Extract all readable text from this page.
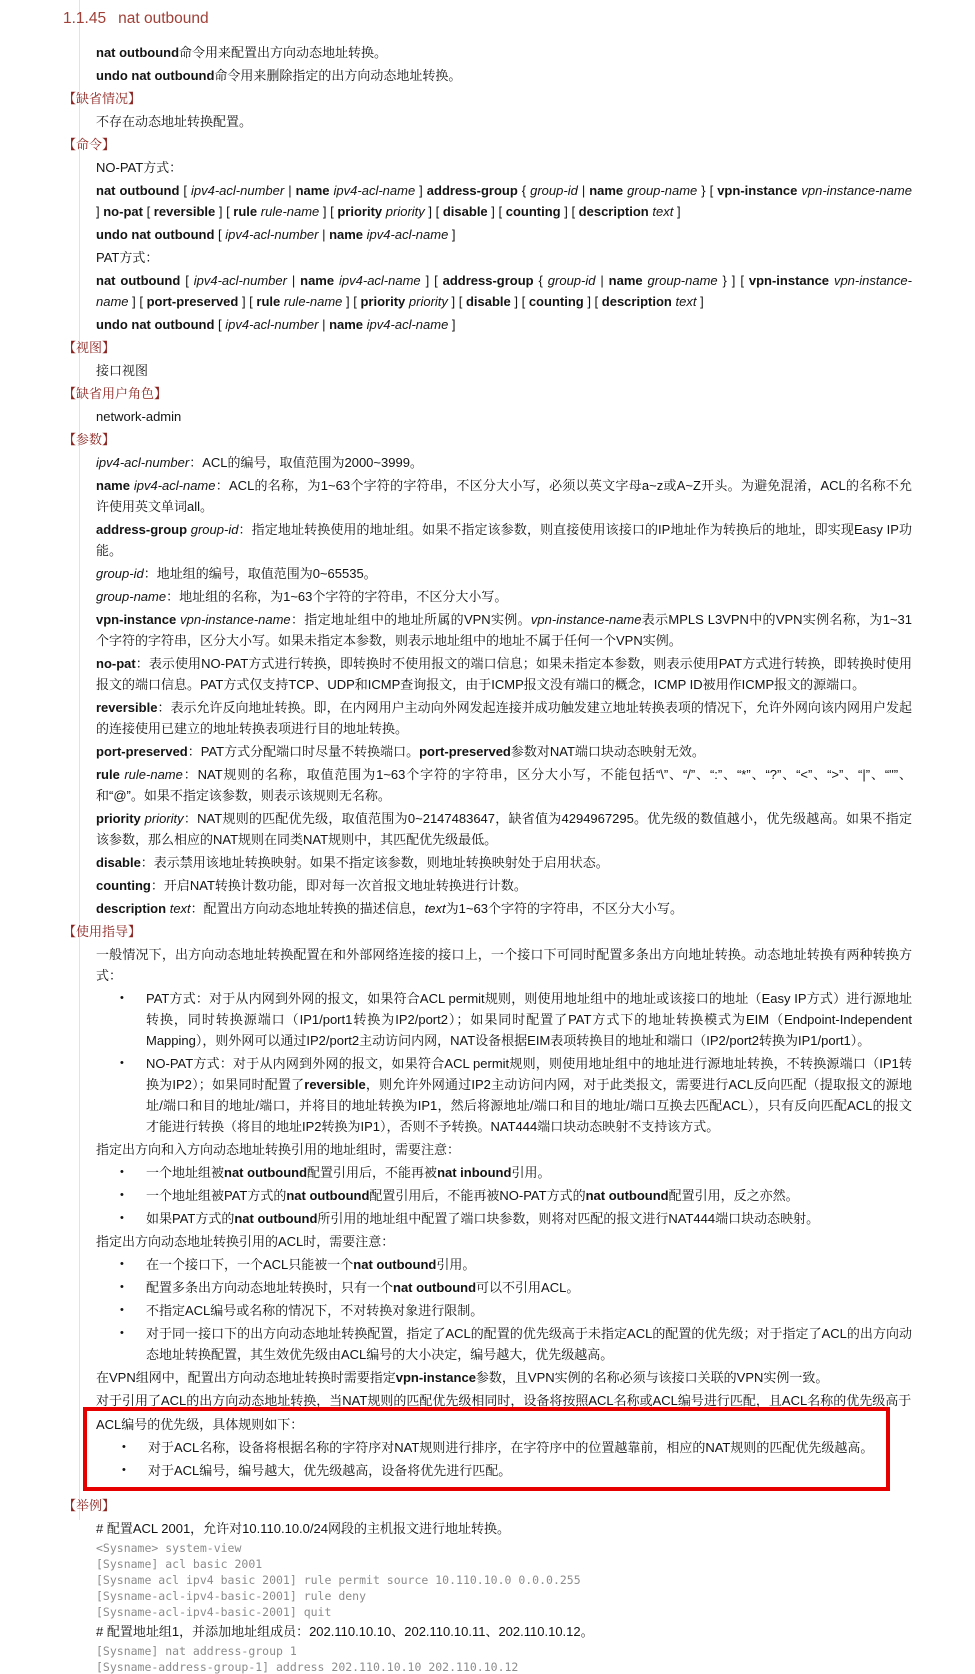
1.1.45 nat outbound
nat outbound命令用来配置出方向动态地址转换。
undo nat outbound命令用来删除指定的出方向动态地址转换。
【缺省情况】
不存在动态地址转换配置。
【命令】
NO-PAT方式：
nat outbound [ ipv4-acl-number | name ipv4-acl-name ] address-group { group-id | name group-name } [ vpn-instance vpn-instance-name ] no-pat [ reversible ] [ rule rule-name ] [ priority priority ] [ disable ] [ counting ] [ description text ]
undo nat outbound [ ipv4-acl-number | name ipv4-acl-name ]
PAT方式：
nat outbound [ ipv4-acl-number | name ipv4-acl-name ] [ address-group { group-id | name group-name } ] [ vpn-instance vpn-instance-name ] [ port-preserved ] [ rule rule-name ] [ priority priority ] [ disable ] [ counting ] [ description text ]
undo nat outbound [ ipv4-acl-number | name ipv4-acl-name ]
【视图】
接口视图
【缺省用户角色】
network-admin
【参数】
ipv4-acl-number：ACL的编号，取值范围为2000~3999。
name ipv4-acl-name：ACL的名称，为1~63个字符的字符串，不区分大小写，必须以英文字母a~z或A~Z开头。为避免混淆，ACL的名称不允许使用英文单词all。
address-group group-id：指定地址转换使用的地址组。如果不指定该参数，则直接使用该接口的IP地址作为转换后的地址，即实现Easy IP功能。
group-id：地址组的编号，取值范围为0~65535。
group-name：地址组的名称，为1~63个字符的字符串，不区分大小写。
vpn-instance vpn-instance-name：指定地址组中的地址所属的VPN实例。vpn-instance-name表示MPLS L3VPN中的VPN实例名称，为1~31个字符的字符串，区分大小写。如果未指定本参数，则表示地址组中的地址不属于任何一个VPN实例。
no-pat：表示使用NO-PAT方式进行转换，即转换时不使用报文的端口信息；如果未指定本参数，则表示使用PAT方式进行转换，即转换时使用报文的端口信息。PAT方式仅支持TCP、UDP和ICMP查询报文，由于ICMP报文没有端口的概念，ICMP ID被用作ICMP报文的源端口。
reversible：表示允许反向地址转换。即，在内网用户主动向外网发起连接并成功触发建立地址转换表项的情况下，允许外网向该内网用户发起的连接使用已建立的地址转换表项进行目的地址转换。
port-preserved：PAT方式分配端口时尽量不转换端口。port-preserved参数对NAT端口块动态映射无效。
rule rule-name：NAT规则的名称，取值范围为1~63个字符的字符串，区分大小写，不能包括“\”、“/”、“:”、“*”、“?”、“<”、“>”、“|”、“"”、和“@”。如果不指定该参数，则表示该规则无名称。
priority priority：NAT规则的匹配优先级，取值范围为0~2147483647，缺省值为4294967295。优先级的数值越小，优先级越高。如果不指定该参数，那么相应的NAT规则在同类NAT规则中，其匹配优先级最低。
disable：表示禁用该地址转换映射。如果不指定该参数，则地址转换映射处于启用状态。
counting：开启NAT转换计数功能，即对每一次首报文地址转换进行计数。
description text：配置出方向动态地址转换的描述信息，text为1~63个字符的字符串，不区分大小写。
【使用指导】
一般情况下，出方向动态地址转换配置在和外部网络连接的接口上，一个接口下可同时配置多条出方向地址转换。动态地址转换有两种转换方式：
•	PAT方式：对于从内网到外网的报文，如果符合ACL permit规则，则使用地址组中的地址或该接口的地址（Easy IP方式）进行源地址转换，同时转换源端口（IP1/port1转换为IP2/port2）；如果同时配置了PAT方式下的地址转换模式为EIM（Endpoint-Independent Mapping），则外网可以通过IP2/port2主动访问内网，NAT设备根据EIM表项转换目的地址和端口（IP2/port2转换为IP1/port1）。
•	NO-PAT方式：对于从内网到外网的报文，如果符合ACL permit规则，则使用地址组中的地址进行源地址转换，不转换源端口（IP1转换为IP2）；如果同时配置了reversible，则允许外网通过IP2主动访问内网，对于此类报文，需要进行ACL反向匹配（提取报文的源地址/端口和目的地址/端口，并将目的地址转换为IP1，然后将源地址/端口和目的地址/端口互换去匹配ACL），只有反向匹配ACL的报文才能进行转换（将目的地址IP2转换为IP1），否则不予转换。NAT444端口块动态映射不支持该方式。
指定出方向和入方向动态地址转换引用的地址组时，需要注意：
•	一个地址组被nat outbound配置引用后，不能再被nat inbound引用。
•	一个地址组被PAT方式的nat outbound配置引用后，不能再被NO-PAT方式的nat outbound配置引用，反之亦然。
•	如果PAT方式的nat outbound所引用的地址组中配置了端口块参数，则将对匹配的报文进行NAT444端口块动态映射。
指定出方向动态地址转换引用的ACL时，需要注意：
•	在一个接口下，一个ACL只能被一个nat outbound引用。
•	配置多条出方向动态地址转换时，只有一个nat outbound可以不引用ACL。
•	不指定ACL编号或名称的情况下，不对转换对象进行限制。
•	对于同一接口下的出方向动态地址转换配置，指定了ACL的配置的优先级高于未指定ACL的配置的优先级；对于指定了ACL的出方向动态地址转换配置，其生效优先级由ACL编号的大小决定，编号越大，优先级越高。
在VPN组网中，配置出方向动态地址转换时需要指定vpn-instance参数，且VPN实例的名称必须与该接口关联的VPN实例一致。
对于引用了ACL的出方向动态地址转换，当NAT规则的匹配优先级相同时，设备将按照ACL名称或ACL编号进行匹配，且ACL名称的优先级高于
ACL编号的优先级，具体规则如下：
•	对于ACL名称，设备将根据名称的字符序对NAT规则进行排序，在字符序中的位置越靠前，相应的NAT规则的匹配优先级越高。
•	对于ACL编号，编号越大，优先级越高，设备将优先进行匹配。
【举例】
# 配置ACL 2001，允许对10.110.10.0/24网段的主机报文进行地址转换。
<Sysname> system-view
[Sysname] acl basic 2001
[Sysname acl ipv4 basic 2001] rule permit source 10.110.10.0 0.0.0.255
[Sysname-acl-ipv4-basic-2001] rule deny
[Sysname-acl-ipv4-basic-2001] quit
# 配置地址组1，并添加地址组成员：202.110.10.10、202.110.10.11、202.110.10.12。
[Sysname] nat address-group 1
[Sysname-address-group-1] address 202.110.10.10 202.110.10.12
